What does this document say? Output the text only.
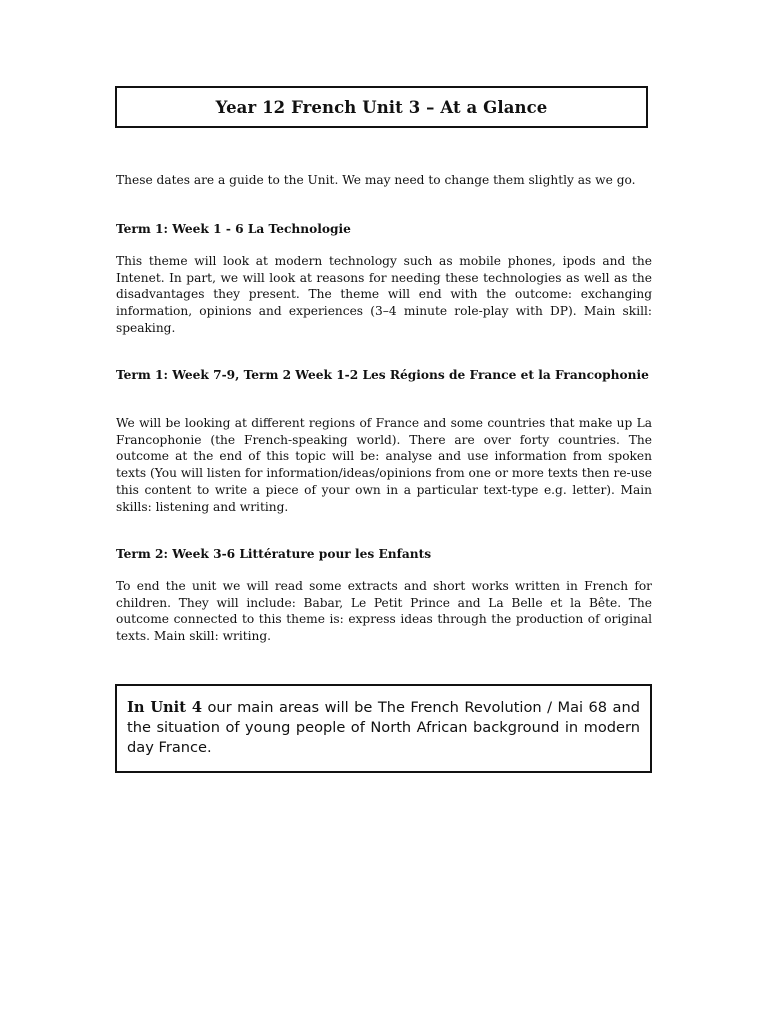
Year 12 French Unit 3 – At a Glance

These dates are a guide to the Unit. We may need to change them slightly as we go.

Term 1: Week 1 - 6 La Technologie

This theme will look at modern technology such as mobile phones, ipods and the Intenet. In part, we will look at reasons for needing these technologies as well as the disadvantages they present. The theme will end with the outcome: exchanging information, opinions and experiences (3–4 minute role-play with DP). Main skill: speaking.

Term 1: Week 7-9, Term 2 Week 1-2 Les Régions de France et la Francophonie

We will be looking at different regions of France and some countries that make up La Francophonie (the French-speaking world). There are over forty countries. The outcome at the end of this topic will be: analyse and use information from spoken texts (You will listen for information/ideas/opinions from one or more texts then re-use this content to write a piece of your own in a particular text-type e.g. letter). Main skills: listening and writing.

Term 2: Week 3-6 Littérature pour les Enfants

To end the unit we will read some extracts and short works written in French for children. They will include: Babar, Le Petit Prince and La Belle et la Bête. The outcome connected to this theme is: express ideas through the production of original texts. Main skill: writing.

In Unit 4 our main areas will be The French Revolution / Mai 68 and the situation of young people of North African background in modern day France.
